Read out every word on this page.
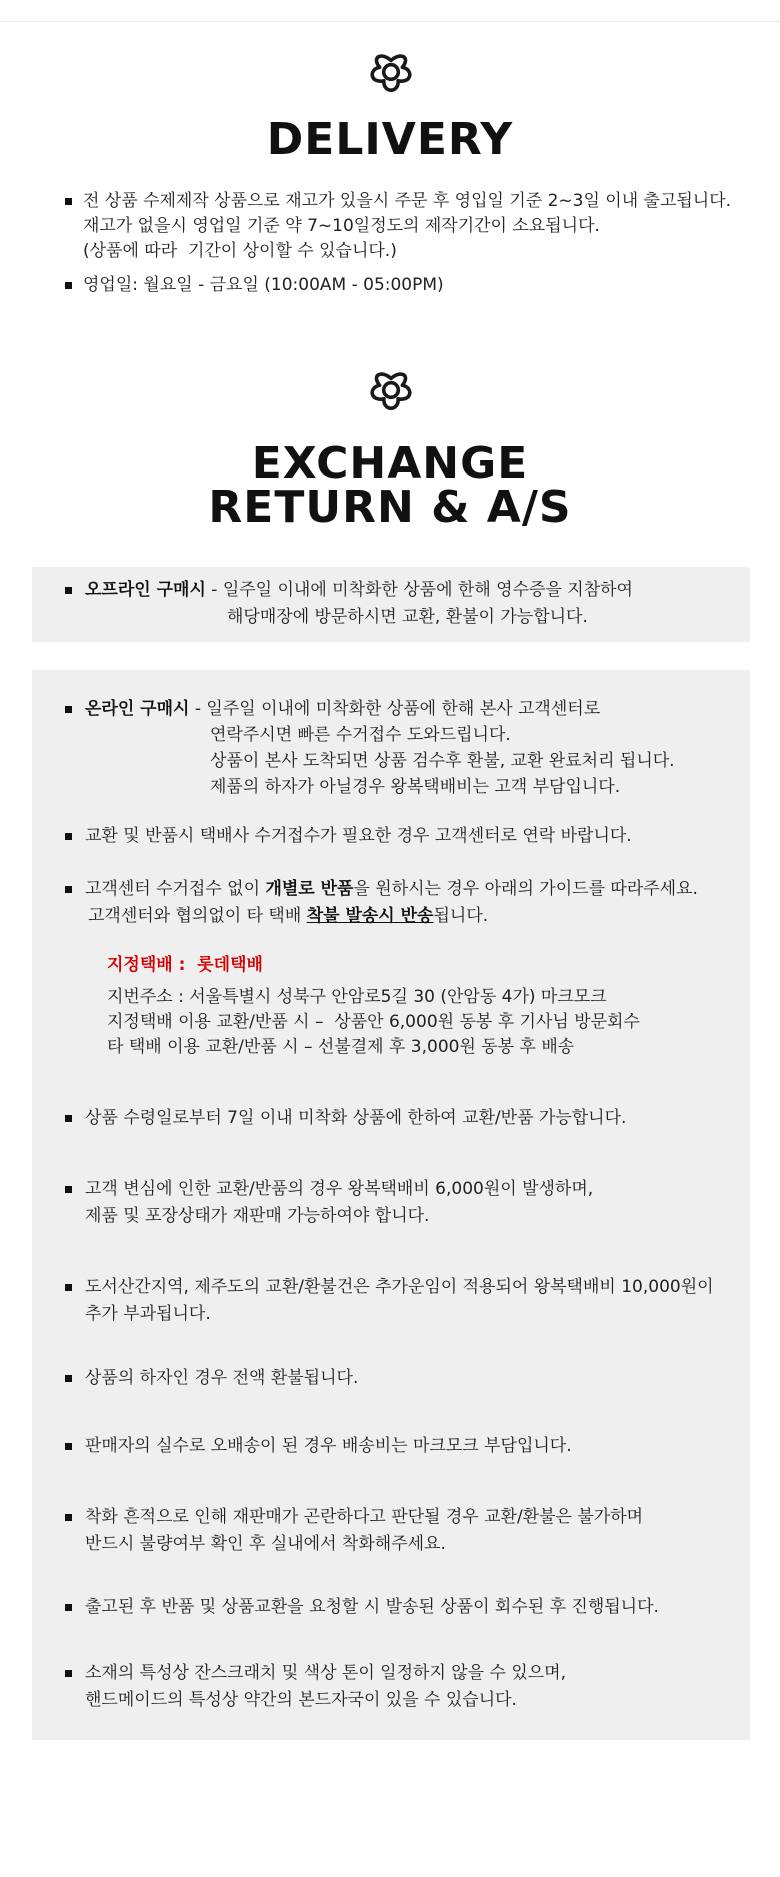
DELIVERY
전 상품 수제제작 상품으로 재고가 있을시 주문 후 영입일 기준 2~3일 이내 출고됩니다.
재고가 없을시 영업일 기준 약 7~10일정도의 제작기간이 소요됩니다.
(상품에 따라  기간이 상이할 수 있습니다.)
영업일: 월요일 - 금요일 (10:00AM - 05:00PM)
EXCHANGE
RETURN & A/S
오프라인 구매시 - 일주일 이내에 미착화한 상품에 한해 영수증을 지참하여
해당매장에 방문하시면 교환, 환불이 가능합니다.
온라인 구매시 - 일주일 이내에 미착화한 상품에 한해 본사 고객센터로
연락주시면 빠른 수거접수 도와드립니다.
상품이 본사 도착되면 상품 검수후 환불, 교환 완료처리 됩니다.
제품의 하자가 아닐경우 왕복택배비는 고객 부담입니다.
교환 및 반품시 택배사 수거접수가 필요한 경우 고객센터로 연락 바랍니다.
고객센터 수거접수 없이 개별로 반품을 원하시는 경우 아래의 가이드를 따라주세요.
고객센터와 협의없이 타 택배 착불 발송시 반송됩니다.
지정택배 :  롯데택배
지번주소 : 서울특별시 성북구 안암로5길 30 (안암동 4가) 마크모크
지정택배 이용 교환/반품 시 –  상품안 6,000원 동봉 후 기사님 방문회수
타 택배 이용 교환/반품 시 – 선불결제 후 3,000원 동봉 후 배송
상품 수령일로부터 7일 이내 미착화 상품에 한하여 교환/반품 가능합니다.
고객 변심에 인한 교환/반품의 경우 왕복택배비 6,000원이 발생하며,
제품 및 포장상태가 재판매 가능하여야 합니다.
도서산간지역, 제주도의 교환/환불건은 추가운임이 적용되어 왕복택배비 10,000원이
추가 부과됩니다.
상품의 하자인 경우 전액 환불됩니다.
판매자의 실수로 오배송이 된 경우 배송비는 마크모크 부담입니다.
착화 흔적으로 인해 재판매가 곤란하다고 판단될 경우 교환/환불은 불가하며
반드시 불량여부 확인 후 실내에서 착화해주세요.
출고된 후 반품 및 상품교환을 요청할 시 발송된 상품이 회수된 후 진행됩니다.
소재의 특성상 잔스크래치 및 색상 톤이 일정하지 않을 수 있으며,
핸드메이드의 특성상 약간의 본드자국이 있을 수 있습니다.
